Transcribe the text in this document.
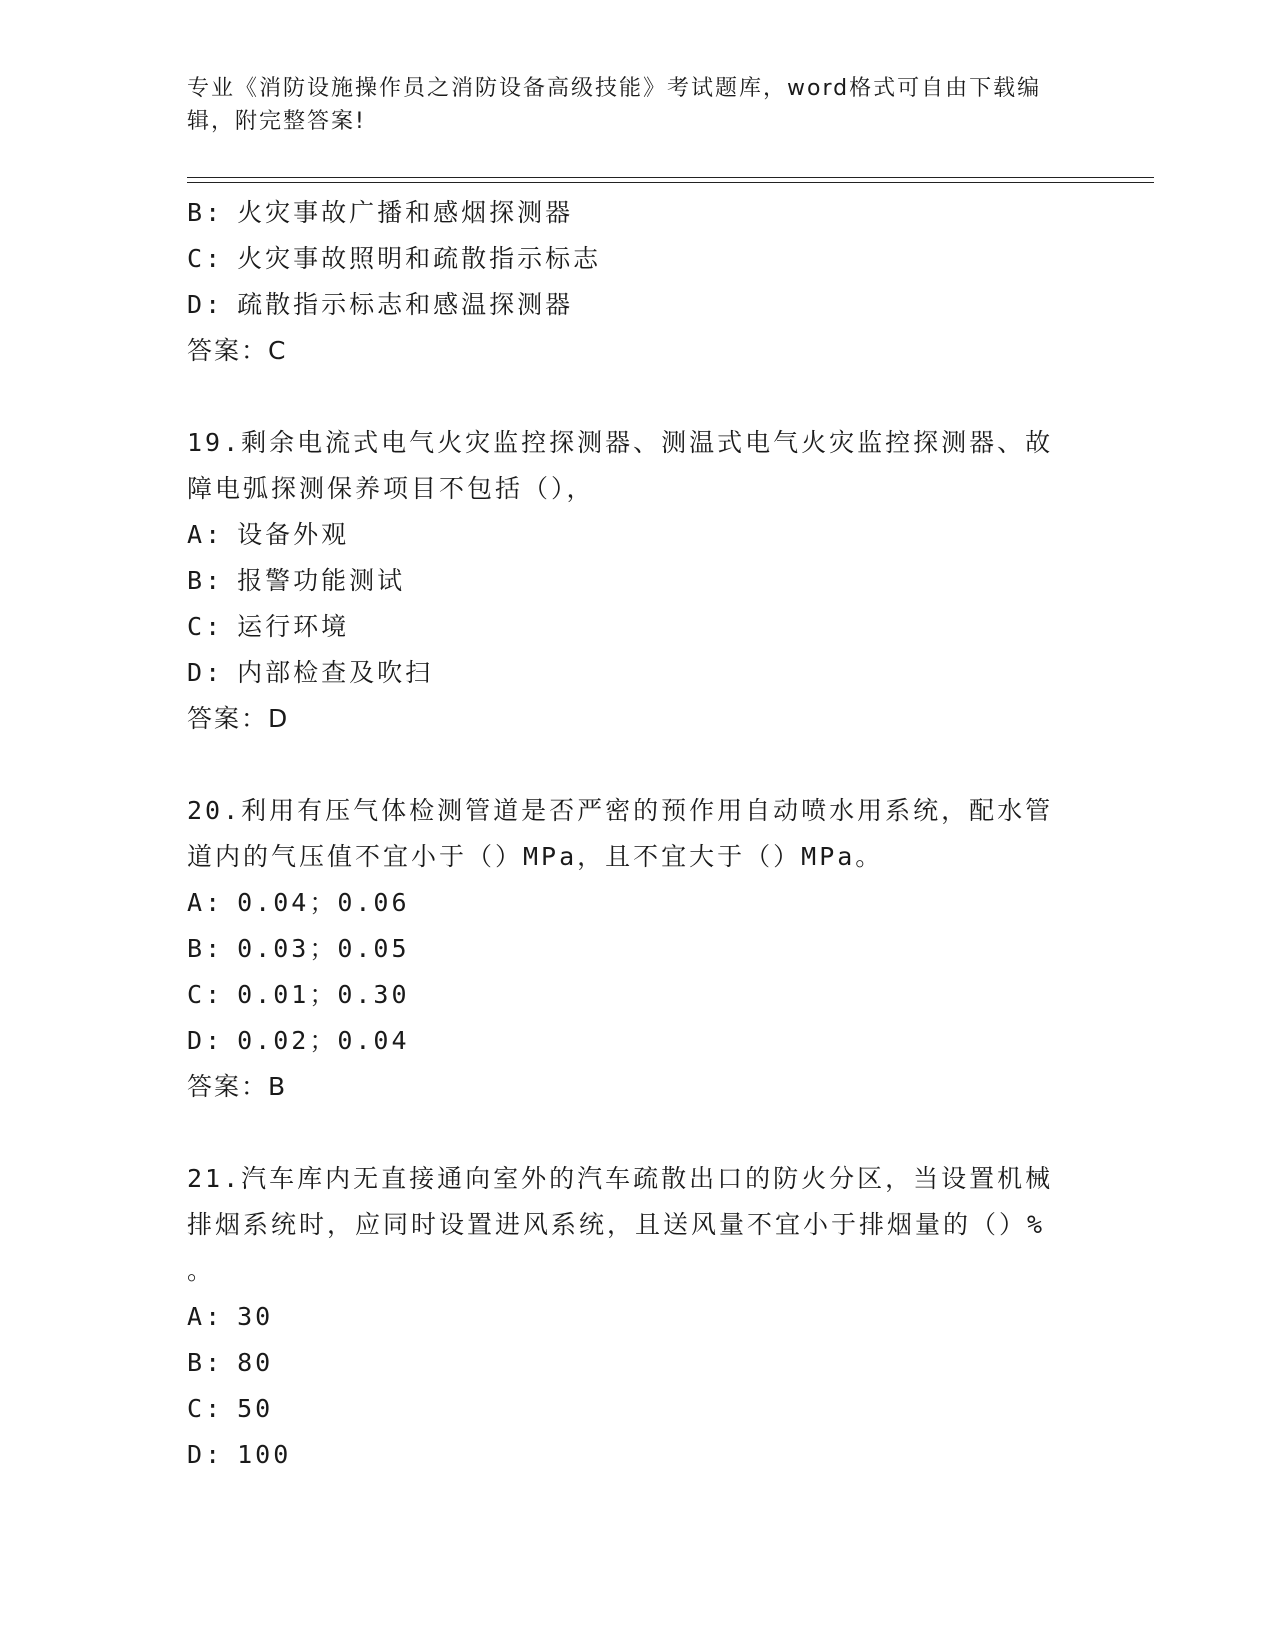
专业《消防设施操作员之消防设备高级技能》考试题库，word格式可自由下载编
辑，附完整答案!
B: 火灾事故广播和感烟探测器
C: 火灾事故照明和疏散指示标志
D: 疏散指示标志和感温探测器
答案：C
19.剩余电流式电气火灾监控探测器、测温式电气火灾监控探测器、故
障电弧探测保养项目不包括（），
A: 设备外观
B: 报警功能测试
C: 运行环境
D: 内部检查及吹扫
答案：D
20.利用有压气体检测管道是否严密的预作用自动喷水用系统，配水管
道内的气压值不宜小于（）MPa，且不宜大于（）MPa。
A: 0.04；0.06
B: 0.03；0.05
C: 0.01；0.30
D: 0.02；0.04
答案：B
21.汽车库内无直接通向室外的汽车疏散出口的防火分区，当设置机械
排烟系统时，应同时设置进风系统，且送风量不宜小于排烟量的（）%
。
A: 30
B: 80
C: 50
D: 100
